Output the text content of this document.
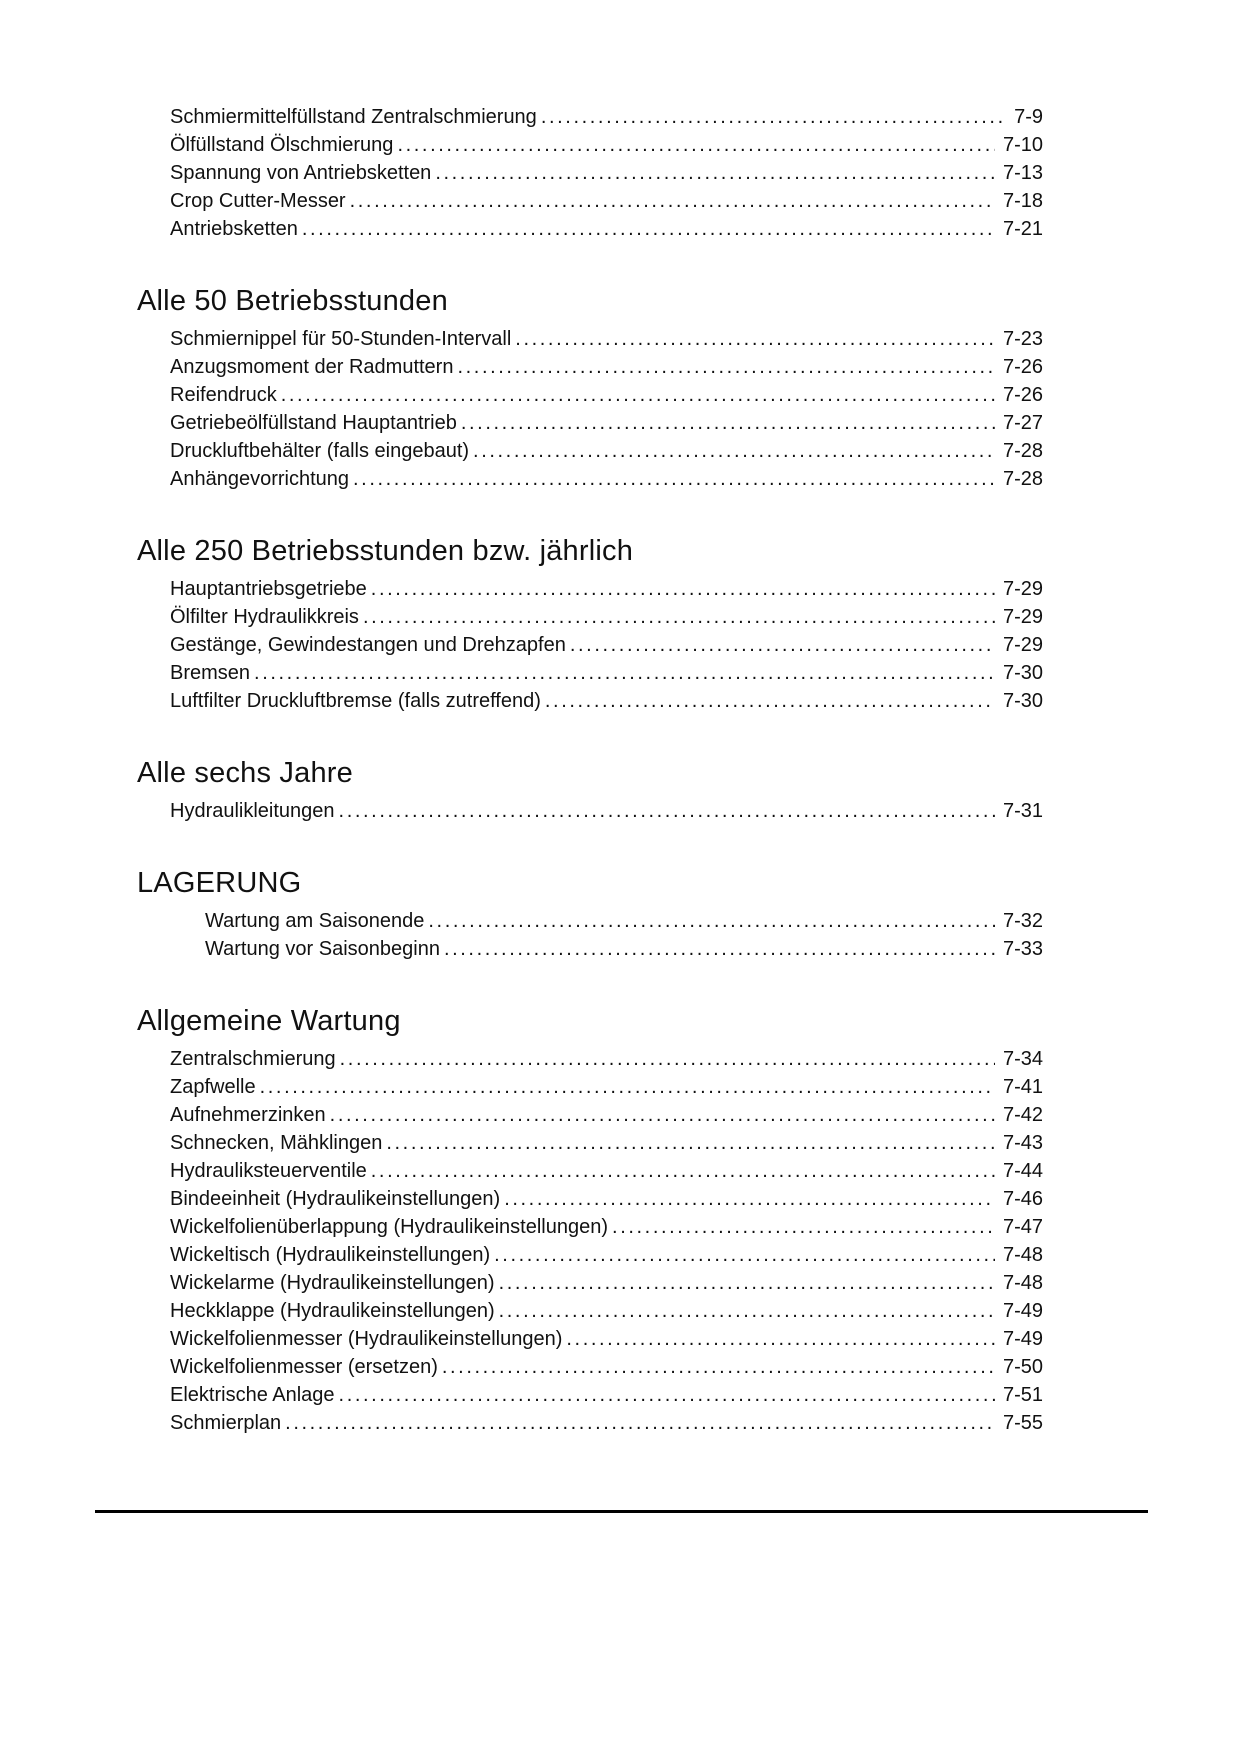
Schmiermittelfüllstand Zentralschmierung .....	7-9
Ölfüllstand Ölschmierung .....	7-10
Spannung von Antriebsketten .....	7-13
Crop Cutter-Messer .....	7-18
Antriebsketten .....	7-21
Alle 50 Betriebsstunden
Schmiernippel für 50-Stunden-Intervall .....	7-23
Anzugsmoment der Radmuttern .....	7-26
Reifendruck .....	7-26
Getriebeölfüllstand Hauptantrieb .....	7-27
Druckluftbehälter (falls eingebaut) .....	7-28
Anhängevorrichtung .....	7-28
Alle 250 Betriebsstunden bzw. jährlich
Hauptantriebsgetriebe .....	7-29
Ölfilter Hydraulikkreis .....	7-29
Gestänge, Gewindestangen und Drehzapfen .....	7-29
Bremsen .....	7-30
Luftfilter Druckluftbremse (falls zutreffend) .....	7-30
Alle sechs Jahre
Hydraulikleitungen .....	7-31
LAGERUNG
Wartung am Saisonende .....	7-32
Wartung vor Saisonbeginn .....	7-33
Allgemeine Wartung
Zentralschmierung .....	7-34
Zapfwelle .....	7-41
Aufnehmerzinken .....	7-42
Schnecken, Mähklingen .....	7-43
Hydrauliksteuerventile .....	7-44
Bindeeinheit (Hydraulikeinstellungen) .....	7-46
Wickelfolienüberlappung (Hydraulikeinstellungen) .....	7-47
Wickeltisch (Hydraulikeinstellungen) .....	7-48
Wickelarme (Hydraulikeinstellungen) .....	7-48
Heckklappe (Hydraulikeinstellungen) .....	7-49
Wickelfolienmesser (Hydraulikeinstellungen) .....	7-49
Wickelfolienmesser (ersetzen) .....	7-50
Elektrische Anlage .....	7-51
Schmierplan .....	7-55
